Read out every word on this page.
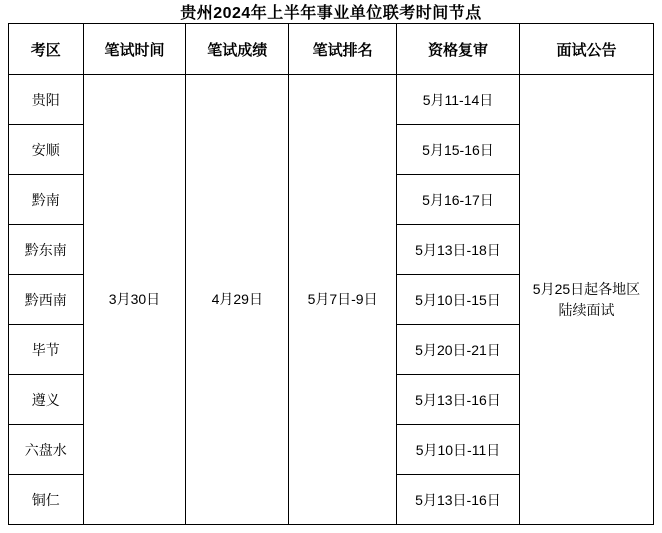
贵州2024年上半年事业单位联考时间节点
考区	笔试时间	笔试成绩	笔试排名	资格复审	面试公告
贵阳	3月30日	4月29日	5月7日-9日	5月11-14日	5月25日起各地区陆续面试

安顺				5月15-16日	
黔南				5月16-17日	
黔东南				5月13日-18日	
黔西南				5月10日-15日	
毕节				5月20日-21日	
遵义				5月13日-16日	
六盘水				5月10日-11日	
铜仁				5月13日-16日	
